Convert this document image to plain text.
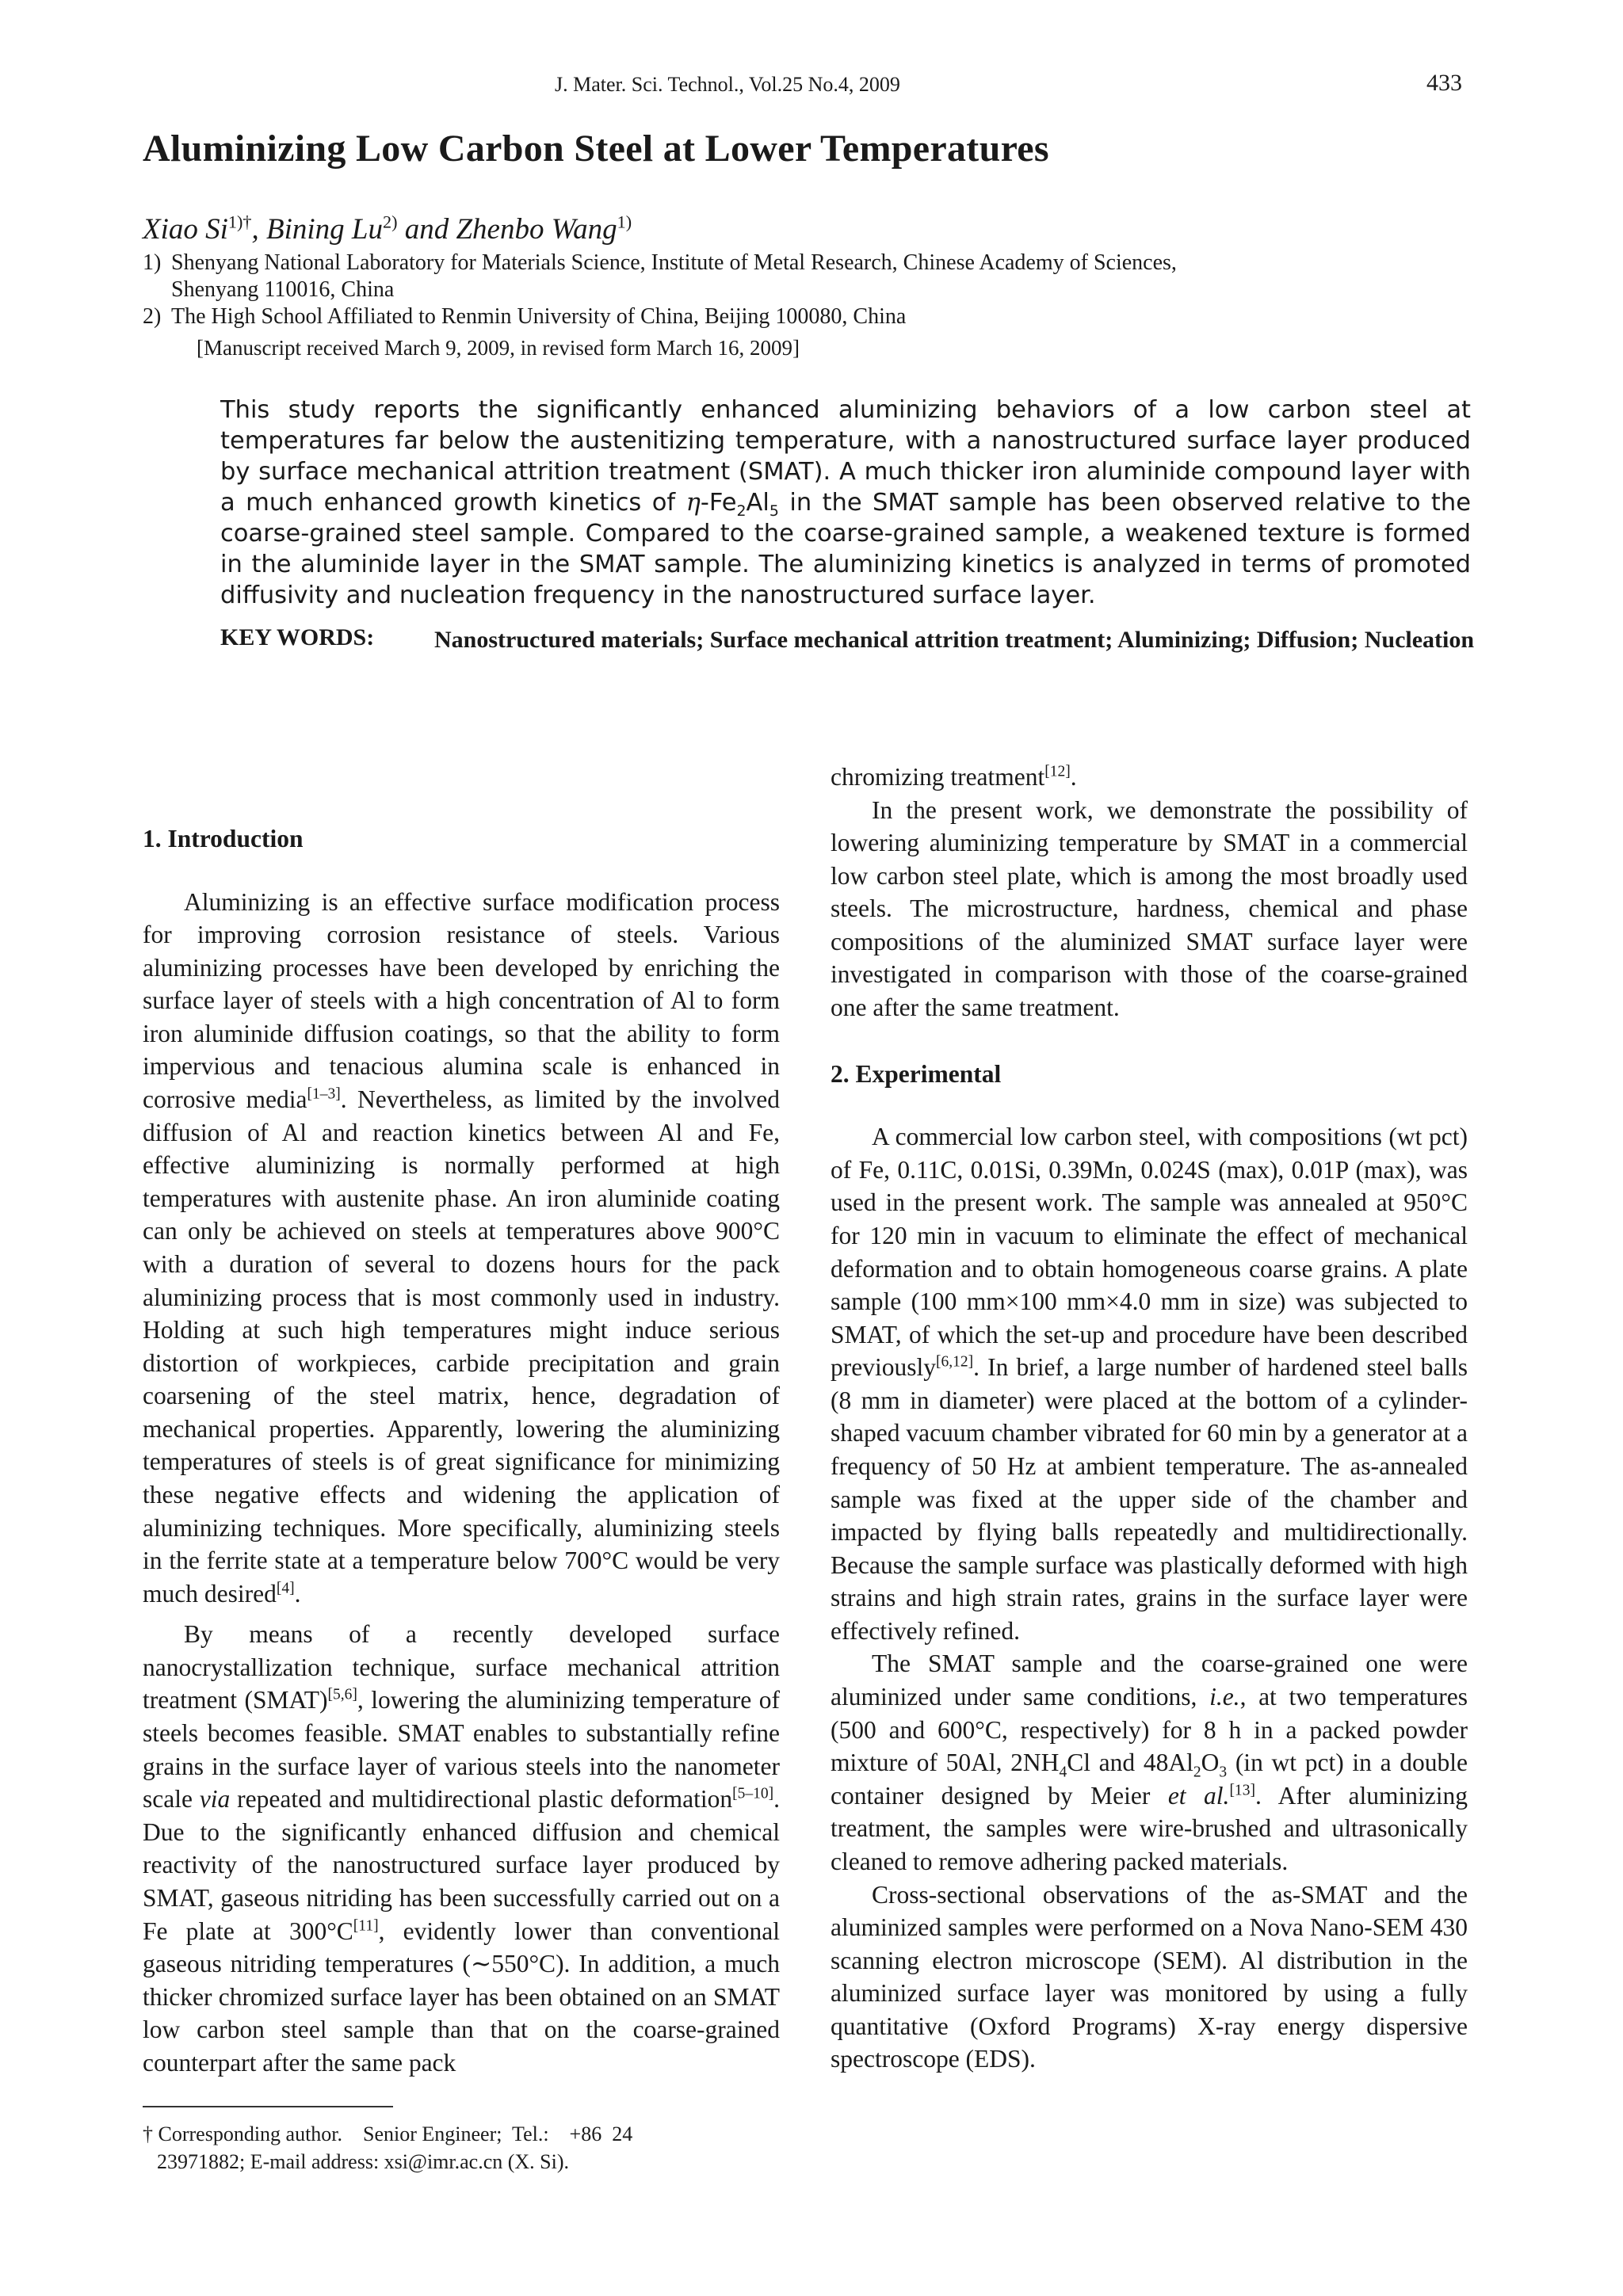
J. Mater. Sci. Technol., Vol.25 No.4, 2009	433
Aluminizing Low Carbon Steel at Lower Temperatures
Xiao $Si^{1)\dagger}$, Bining Lu$^{2)}$ and Zhenbo Wang$^{1)}$
1) Shenyang National Laboratory for Materials Science, Institute of Metal Research, Chinese Academy of Sciences,
Shenyang 110016, China
2) The High School Affiliated to Renmin University of China, Beijing 100080, China
[Manuscript received March 9, 2009, in revised form March 16, 2009]
This study reports the significantly enhanced aluminizing behaviors of a low carbon steel at temperatures far below the austenitizing temperature, with a nanostructured surface layer produced by surface mechanical attrition treatment (SMAT). A much thicker iron aluminide compound layer with a much enhanced growth kinetics of $\eta-Fe_2Al_5$ in the SMAT sample has been observed relative to the coarse-grained steel sample. Compared to the coarse-grained sample, a weakened texture is formed in the aluminide layer in the SMAT sample. The aluminizing kinetics is analyzed in terms of promoted diffusivity and nucleation frequency in the nanostructured surface layer.
KEY WORDS:	Nanostructured materials; Surface mechanical attrition treatment; Aluminizing; Diffusion; Nucleation
1. Introduction

Aluminizing is an effective surface modification process for improving corrosion resistance of steels. Various aluminizing processes have been developed by enriching the surface layer of steels with a high concentration of Al to form iron aluminide diffusion coatings, so that the ability to form impervious and tenacious alumina scale is enhanced in corrosive media[1–3]. Nevertheless, as limited by the involved diffusion of Al and reaction kinetics between Al and Fe, effective aluminizing is normally performed at high temperatures with austenite phase. An iron aluminide coating can only be achieved on steels at temperatures above 900°C with a duration of several to dozens hours for the pack aluminizing process that is most commonly used in industry. Holding at such high temperatures might induce serious distortion of workpieces, carbide precipitation and grain coarsening of the steel matrix, hence, degradation of mechanical properties. Apparently, lowering the aluminizing temperatures of steels is of great significance for minimizing these negative effects and widening the application of aluminizing techniques. More specifically, aluminizing steels in the ferrite state at a temperature below 700°C would be very much desired[4].

By means of a recently developed surface nanocrystallization technique, surface mechanical attrition treatment (SMAT)[5,6], lowering the aluminizing temperature of steels becomes feasible. SMAT enables to substantially refine grains in the surface layer of various steels into the nanometer scale via repeated and multidirectional plastic deformation[5–10]. Due to the significantly enhanced diffusion and chemical reactivity of the nanostructured surface layer produced by SMAT, gaseous nitriding has been successfully carried out on a Fe plate at 300°C[11], evidently lower than conventional gaseous nitriding temperatures (∼550°C). In addition, a much thicker chromized surface layer has been obtained on an SMAT low carbon steel sample than that on the coarse-grained counterpart after the same pack

chromizing treatment[12].

In the present work, we demonstrate the possibility of lowering aluminizing temperature by SMAT in a commercial low carbon steel plate, which is among the most broadly used steels. The microstructure, hardness, chemical and phase compositions of the aluminized SMAT surface layer were investigated in comparison with those of the coarse-grained one after the same treatment.

2. Experimental

A commercial low carbon steel, with compositions (wt pct) of Fe, 0.11C, 0.01Si, 0.39Mn, 0.024S (max), 0.01P (max), was used in the present work. The sample was annealed at 950°C for 120 min in vacuum to eliminate the effect of mechanical deformation and to obtain homogeneous coarse grains. A plate sample (100 mm×100 mm×4.0 mm in size) was subjected to SMAT, of which the set-up and procedure have been described previously[6,12]. In brief, a large number of hardened steel balls (8 mm in diameter) were placed at the bottom of a cylinder-shaped vacuum chamber vibrated for 60 min by a generator at a frequency of 50 Hz at ambient temperature. The as-annealed sample was fixed at the upper side of the chamber and impacted by flying balls repeatedly and multidirectionally. Because the sample surface was plastically deformed with high strains and high strain rates, grains in the surface layer were effectively refined.

The SMAT sample and the coarse-grained one were aluminized under same conditions, i.e., at two temperatures (500 and 600°C, respectively) for 8 h in a packed powder mixture of 50Al, $2NH_4Cl$ and $48Al_2O_3$ (in wt pct) in a double container designed by Meier et al.[13]. After aluminizing treatment, the samples were wire-brushed and ultrasonically cleaned to remove adhering packed materials.

Cross-sectional observations of the as-SMAT and the aluminized samples were performed on a Nova Nano-SEM 430 scanning electron microscope (SEM). Al distribution in the aluminized surface layer was monitored by using a fully quantitative (Oxford Programs) X-ray energy dispersive spectroscope (EDS).

† Corresponding author.    Senior Engineer;  Tel.:    +86  24
23971882; E-mail address: xsi@imr.ac.cn (X. Si).
